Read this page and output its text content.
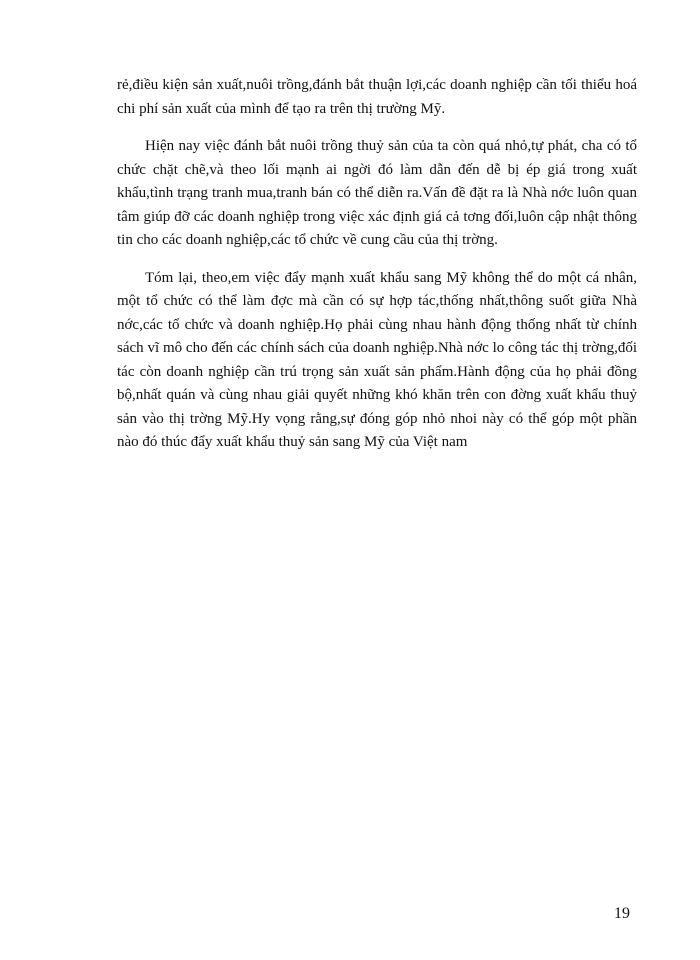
rẻ,điều kiện sản xuất,nuôi trồng,đánh bắt thuận lợi,các doanh nghiệp cần tối thiểu hoá chi phí sản xuất của mình để tạo ra trên thị trường Mỹ.

Hiện nay việc đánh bắt nuôi trồng thuỷ sản của ta còn quá nhỏ,tự phát, cha có tổ chức chặt chẽ,và theo lối mạnh ai ngời đó làm dẫn đến dễ bị ép giá trong xuất khẩu,tình trạng tranh mua,tranh bán có thể diễn ra.Vấn đề đặt ra là Nhà nớc luôn quan tâm giúp đỡ các doanh nghiệp trong việc xác định giá cả tơng đối,luôn cập nhật thông tin cho các doanh nghiệp,các tổ chức về cung cầu của thị trờng.

Tóm lại, theo,em việc đẩy mạnh xuất khẩu sang Mỹ không thể do một cá nhân, một tổ chức có thể làm đợc mà cần có sự hợp tác,thống nhất,thông suốt giữa Nhà nớc,các tổ chức và doanh nghiệp.Họ phải cùng nhau hành động thống nhất từ chính sách vĩ mô cho đến các chính sách của doanh nghiệp.Nhà nớc lo công tác thị trờng,đối tác còn doanh nghiệp cần trú trọng sản xuất sản phẩm.Hành động của họ phải đồng bộ,nhất quán và cùng nhau giải quyết những khó khăn trên con đờng xuất khẩu thuỷ sản vào thị trờng Mỹ.Hy vọng rằng,sự đóng góp nhỏ nhoi này có thể góp một phần nào đó thúc đẩy xuất khẩu thuỷ sản sang Mỹ của Việt nam

19
